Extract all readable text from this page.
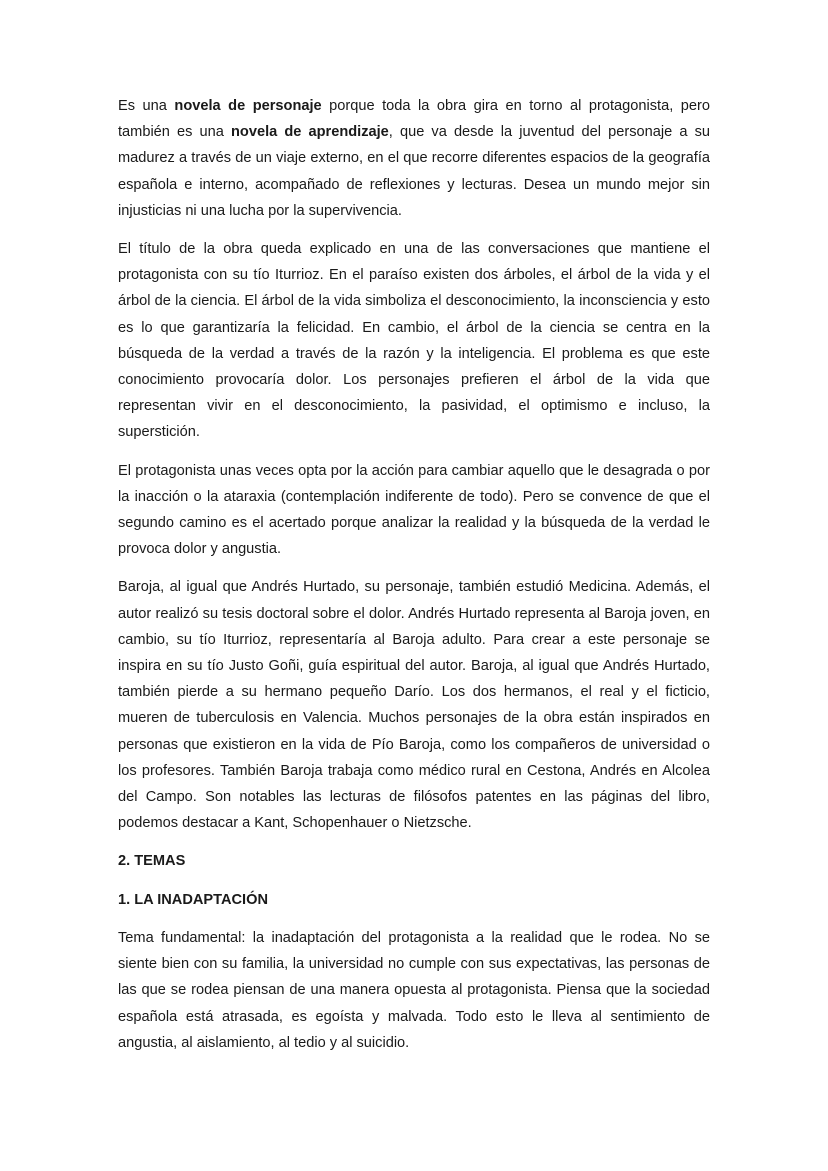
Es una novela de personaje porque toda la obra gira en torno al protagonista, pero también es una novela de aprendizaje, que va desde la juventud del personaje a su madurez a través de un viaje externo, en el que recorre diferentes espacios de la geografía española e interno, acompañado de reflexiones y lecturas. Desea un mundo mejor sin injusticias ni una lucha por la supervivencia.

El título de la obra queda explicado en una de las conversaciones que mantiene el protagonista con su tío Iturrioz. En el paraíso existen dos árboles, el árbol de la vida y el árbol de la ciencia. El árbol de la vida simboliza el desconocimiento, la inconsciencia y esto es lo que garantizaría la felicidad. En cambio, el árbol de la ciencia se centra en la búsqueda de la verdad a través de la razón y la inteligencia. El problema es que este conocimiento provocaría dolor. Los personajes prefieren el árbol de la vida que representan vivir en el desconocimiento, la pasividad, el optimismo e incluso, la superstición.

El protagonista unas veces opta por la acción para cambiar aquello que le desagrada o por la inacción o la ataraxia (contemplación indiferente de todo). Pero se convence de que el segundo camino es el acertado porque analizar la realidad y la búsqueda de la verdad le provoca dolor y angustia.

Baroja, al igual que Andrés Hurtado, su personaje, también estudió Medicina. Además, el autor realizó su tesis doctoral sobre el dolor. Andrés Hurtado representa al Baroja joven, en cambio, su tío Iturrioz, representaría al Baroja adulto. Para crear a este personaje se inspira en su tío Justo Goñi, guía espiritual del autor. Baroja, al igual que Andrés Hurtado, también pierde a su hermano pequeño Darío. Los dos hermanos, el real y el ficticio, mueren de tuberculosis en Valencia. Muchos personajes de la obra están inspirados en personas que existieron en la vida de Pío Baroja, como los compañeros de universidad o los profesores. También Baroja trabaja como médico rural en Cestona, Andrés en Alcolea del Campo. Son notables las lecturas de filósofos patentes en las páginas del libro, podemos destacar a Kant, Schopenhauer o Nietzsche.

2. TEMAS
1. LA INADAPTACIÓN

Tema fundamental: la inadaptación del protagonista a la realidad que le rodea. No se siente bien con su familia, la universidad no cumple con sus expectativas, las personas de las que se rodea piensan de una manera opuesta al protagonista. Piensa que la sociedad española está atrasada, es egoísta y malvada. Todo esto le lleva al sentimiento de angustia, al aislamiento, al tedio y al suicidio.
